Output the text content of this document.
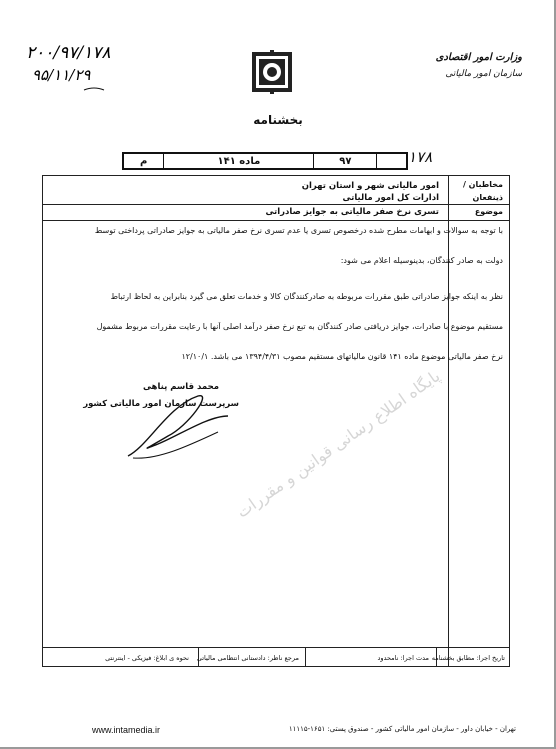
۲۰۰/۹۷/۱۷۸
۹۵/۱۱/۲۹
وزارت امور اقتصادی
سازمان امور مالیاتی
بخشنامه
۱۷۸
۹۷
ماده ۱۴۱
م
مخاطبان /
ذینفعان
موضوع
امور مالیاتی شهر و استان تهران
ادارات کل امور مالیاتی
تسری نرخ صفر مالیاتی به جوایز صادراتی

با توجه به سوالات و ابهامات مطرح شده درخصوص تسری یا عدم تسری نرخ صفر مالیاتی به جوایز صادراتی پرداختی توسط

دولت به صادر کنندگان، بدینوسیله اعلام می شود:

نظر به اینکه جوایز صادراتی طبق مقررات مربوطه به صادرکنندگان کالا و خدمات تعلق می گیرد بنابراین به لحاظ ارتباط

مستقیم موضوع با صادرات، جوایز دریافتی صادر کنندگان به تبع نرخ صفر درآمد اصلی آنها با رعایت مقررات مربوط مشمول

نرخ صفر مالیاتی موضوع ماده ۱۴۱ قانون مالیاتهای مستقیم مصوب ۱۳۹۴/۴/۳۱ می باشد. ۱۲/۱۰/۱

پایگاه اطلاع رسانی قوانین و مقررات
محمد قاسم پناهی
سرپرست سازمان امور مالیاتی کشور
تاریخ اجرا: مطابق بخشنامه
مدت اجرا: نامحدود
مرجع ناظر: دادستانی انتظامی مالیاتی
نحوه ی ابلاغ: فیزیکی - اینترنتی
www.intamedia.ir	تهران - خیابان داور - سازمان امور مالیاتی کشور - صندوق پستی: ۱۶۵۱-۱۱۱۱۵
